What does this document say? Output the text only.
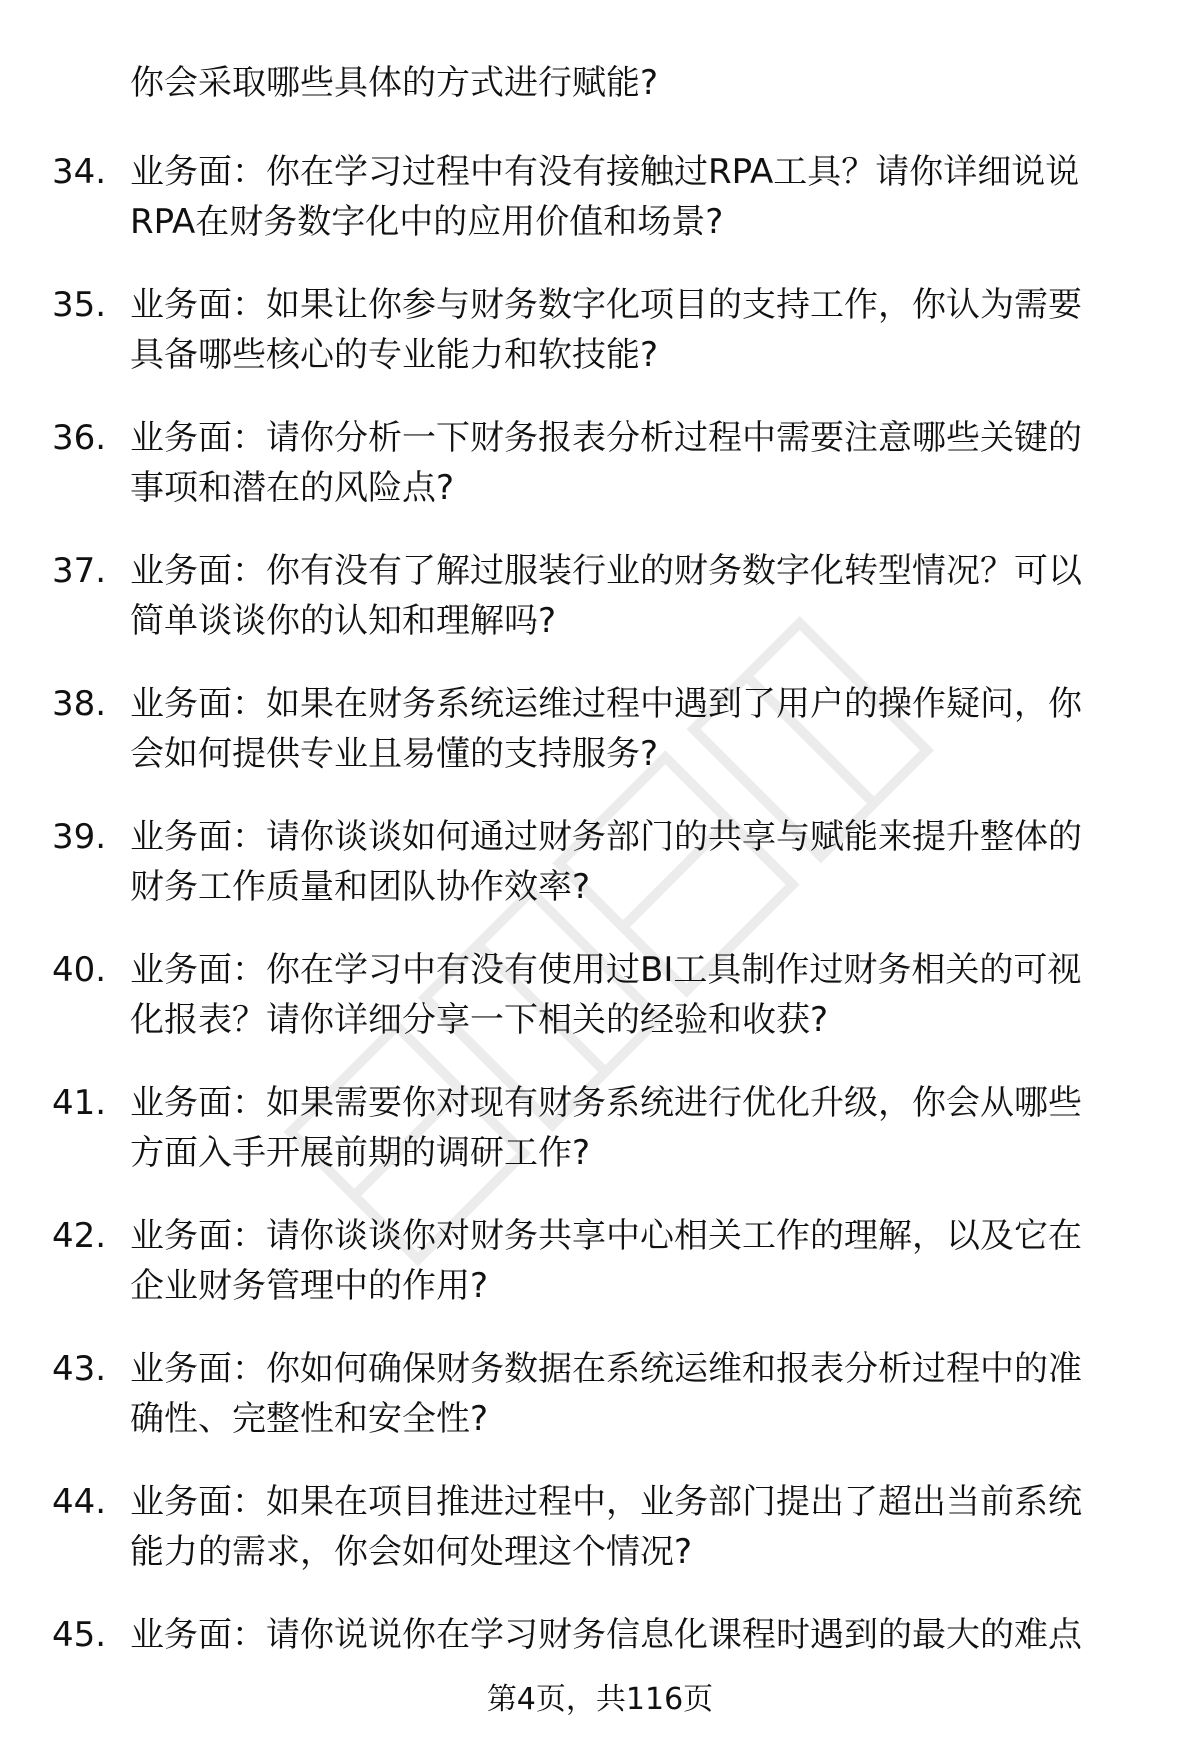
你会采取哪些具体的方式进行赋能?
34. 业务面：你在学习过程中有没有接触过RPA工具？请你详细说说
RPA在财务数字化中的应用价值和场景?
35. 业务面：如果让你参与财务数字化项目的支持工作，你认为需要
具备哪些核心的专业能力和软技能?
36. 业务面：请你分析一下财务报表分析过程中需要注意哪些关键的
事项和潜在的风险点?
37. 业务面：你有没有了解过服装行业的财务数字化转型情况？可以
简单谈谈你的认知和理解吗?
38. 业务面：如果在财务系统运维过程中遇到了用户的操作疑问，你
会如何提供专业且易懂的支持服务?
39. 业务面：请你谈谈如何通过财务部门的共享与赋能来提升整体的
财务工作质量和团队协作效率?
40. 业务面：你在学习中有没有使用过BI工具制作过财务相关的可视
化报表？请你详细分享一下相关的经验和收获?
41. 业务面：如果需要你对现有财务系统进行优化升级，你会从哪些
方面入手开展前期的调研工作?
42. 业务面：请你谈谈你对财务共享中心相关工作的理解，以及它在
企业财务管理中的作用?
43. 业务面：你如何确保财务数据在系统运维和报表分析过程中的准
确性、完整性和安全性?
44. 业务面：如果在项目推进过程中，业务部门提出了超出当前系统
能力的需求，你会如何处理这个情况?
45. 业务面：请你说说你在学习财务信息化课程时遇到的最大的难点
第4页，共116页
